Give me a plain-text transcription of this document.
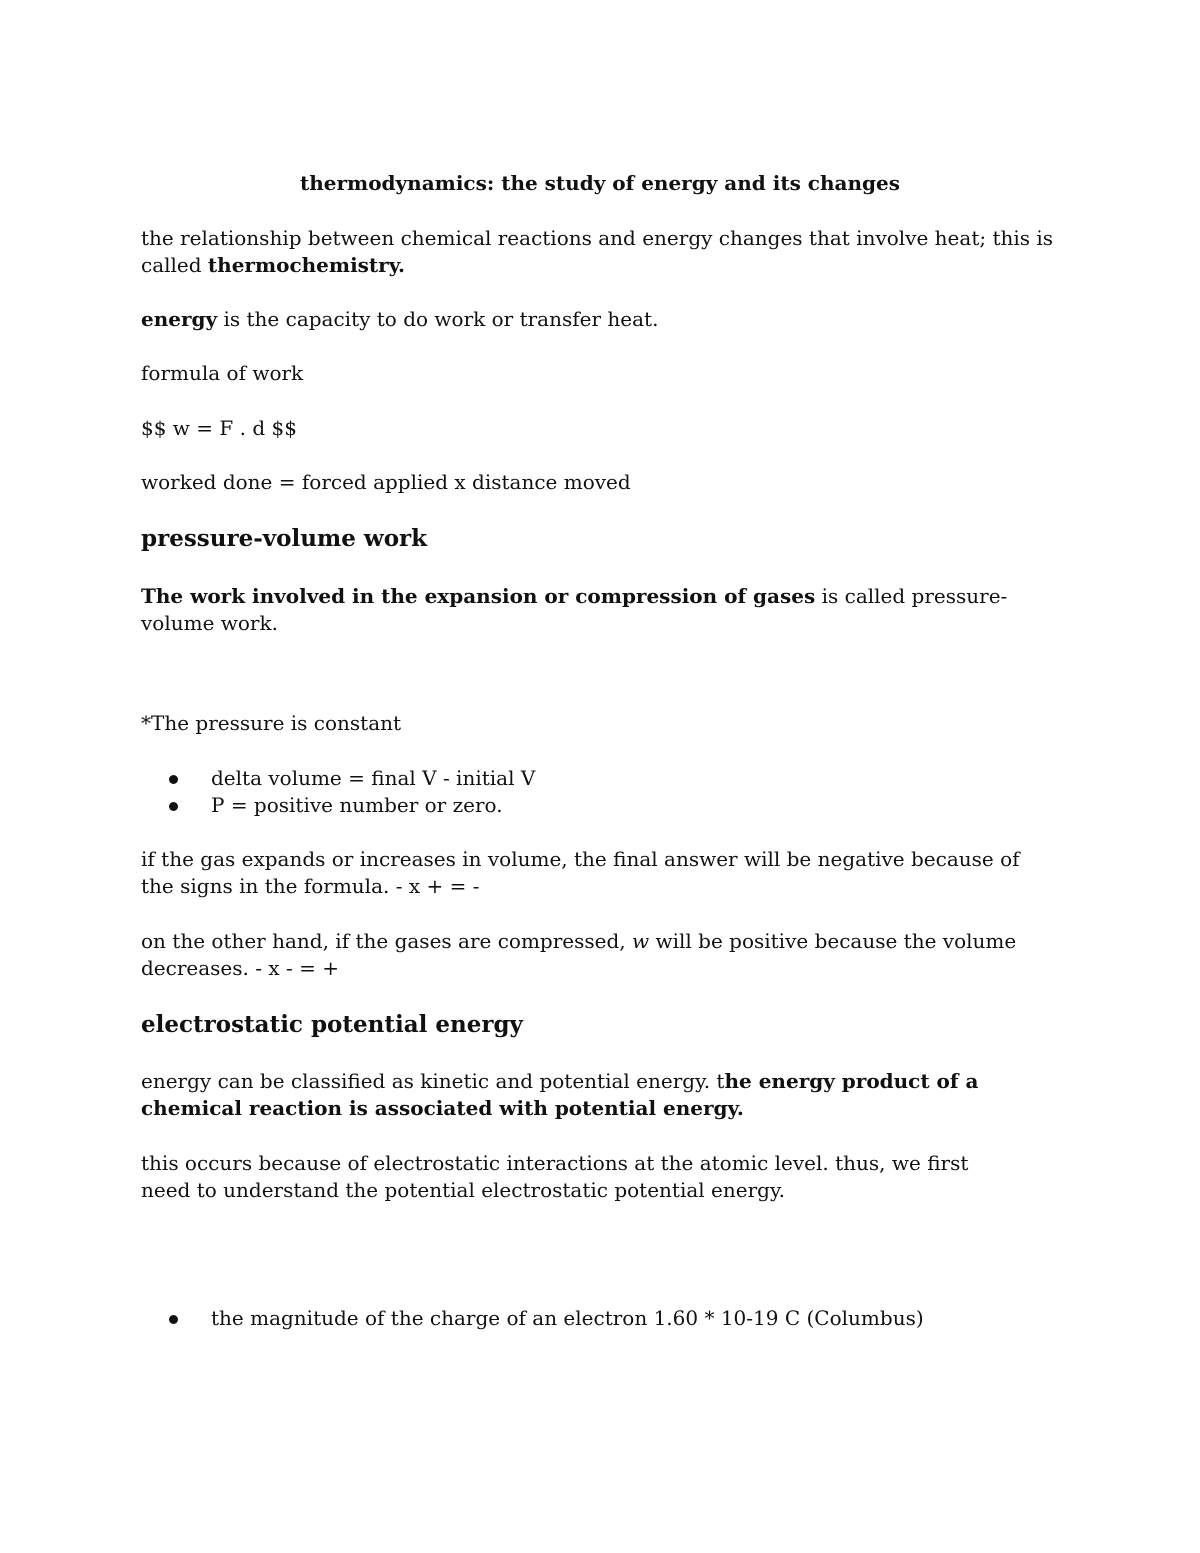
thermodynamics: the study of energy and its changes

the relationship between chemical reactions and energy changes that involve heat; this is called thermochemistry.

energy is the capacity to do work or transfer heat.

formula of work

$$ w = F . d $$

worked done = forced applied x distance moved

pressure-volume work

The work involved in the expansion or compression of gases is called pressure-volume work.

*The pressure is constant

delta volume = final V - initial V
P = positive number or zero.

if the gas expands or increases in volume, the final answer will be negative because of the signs in the formula. - x + = -

on the other hand, if the gases are compressed, w will be positive because the volume decreases. - x - = +

electrostatic potential energy

energy can be classified as kinetic and potential energy. the energy product of a chemical reaction is associated with potential energy.

this occurs because of electrostatic interactions at the atomic level. thus, we first need to understand the potential electrostatic potential energy.

the magnitude of the charge of an electron 1.60 * 10-19 C (Columbus)
